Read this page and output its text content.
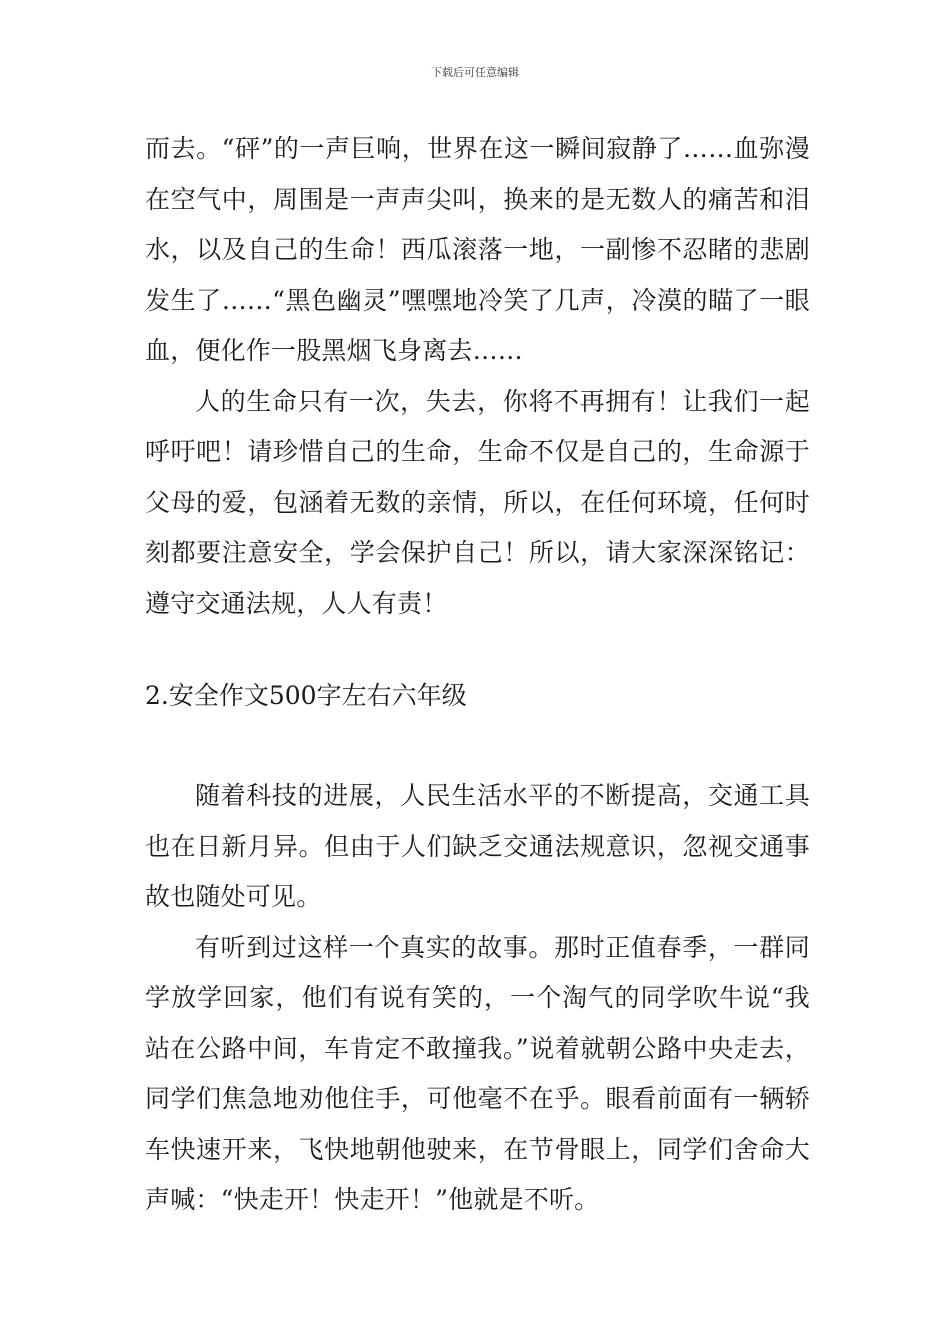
下载后可任意编辑

而去。“砰”的一声巨响，世界在这一瞬间寂静了……血弥漫在空气中，周围是一声声尖叫，换来的是无数人的痛苦和泪水，以及自己的生命！西瓜滚落一地，一副惨不忍睹的悲剧发生了……“黑色幽灵”嘿嘿地冷笑了几声，冷漠的瞄了一眼血，便化作一股黑烟飞身离去……

人的生命只有一次，失去，你将不再拥有！让我们一起呼吁吧！请珍惜自己的生命，生命不仅是自己的，生命源于父母的爱，包涵着无数的亲情，所以，在任何环境，任何时刻都要注意安全，学会保护自己！所以，请大家深深铭记：遵守交通法规，人人有责！

2.安全作文500字左右六年级

随着科技的进展，人民生活水平的不断提高，交通工具也在日新月异。但由于人们缺乏交通法规意识，忽视交通事故也随处可见。

有听到过这样一个真实的故事。那时正值春季，一群同学放学回家，他们有说有笑的，一个淘气的同学吹牛说“我站在公路中间，车肯定不敢撞我。”说着就朝公路中央走去，同学们焦急地劝他住手，可他毫不在乎。眼看前面有一辆轿车快速开来，飞快地朝他驶来，在节骨眼上，同学们舍命大声喊：“快走开！快走开！”他就是不听。
